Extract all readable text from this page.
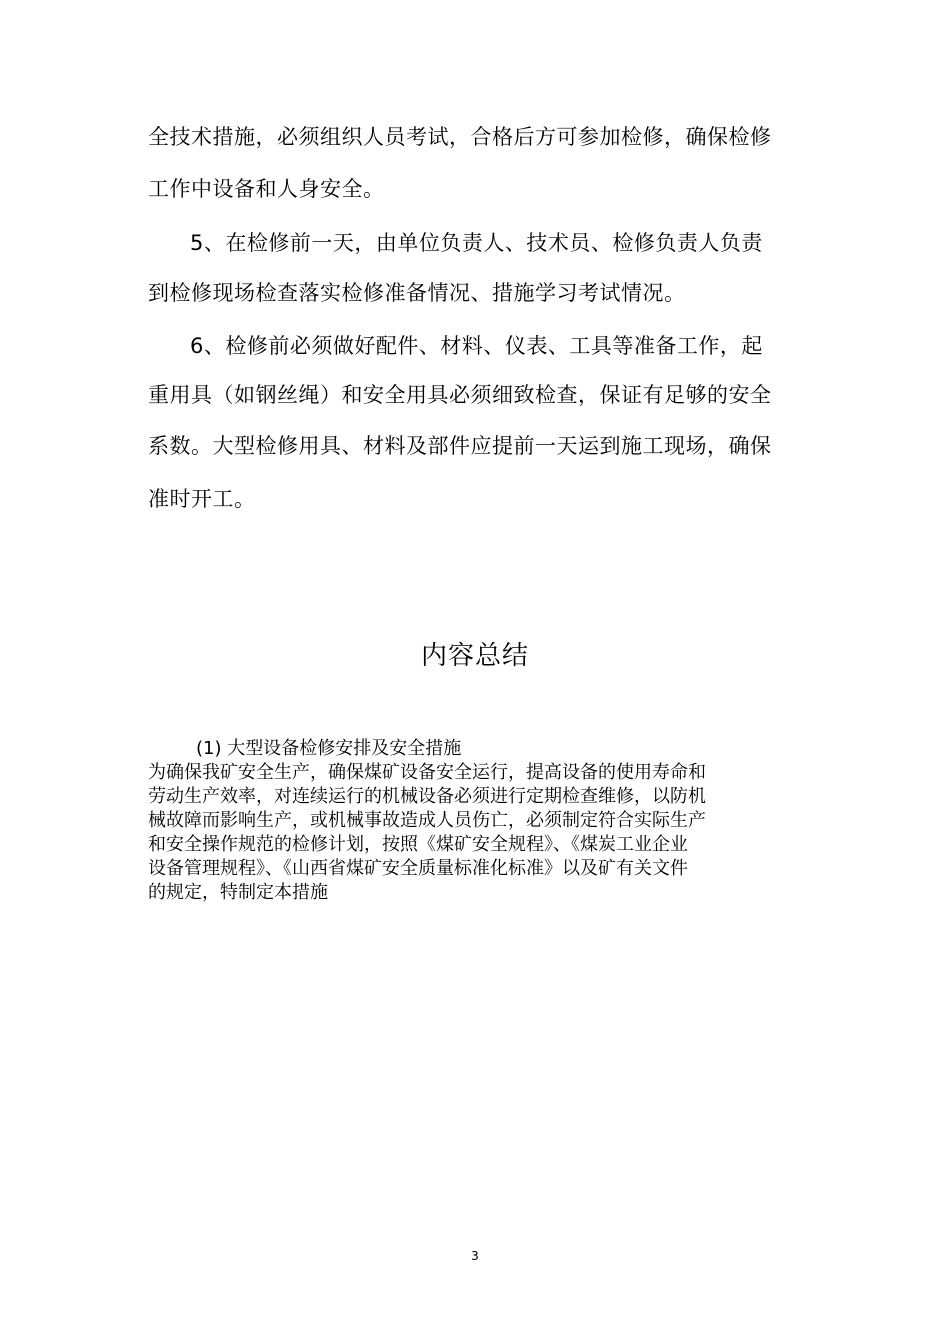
全技术措施，必须组织人员考试，合格后方可参加检修，确保检修
工作中设备和人身安全。
5、在检修前一天，由单位负责人、技术员、检修负责人负责
到检修现场检查落实检修准备情况、措施学习考试情况。
6、检修前必须做好配件、材料、仪表、工具等准备工作，起
重用具（如钢丝绳）和安全用具必须细致检查，保证有足够的安全
系数。大型检修用具、材料及部件应提前一天运到施工现场，确保
准时开工。
内容总结
(1) 大型设备检修安排及安全措施
为确保我矿安全生产，确保煤矿设备安全运行，提高设备的使用寿命和
劳动生产效率，对连续运行的机械设备必须进行定期检查维修，以防机
械故障而影响生产，或机械事故造成人员伤亡，必须制定符合实际生产
和安全操作规范的检修计划，按照《煤矿安全规程》、《煤炭工业企业
设备管理规程》、《山西省煤矿安全质量标准化标准》以及矿有关文件
的规定，特制定本措施
3
